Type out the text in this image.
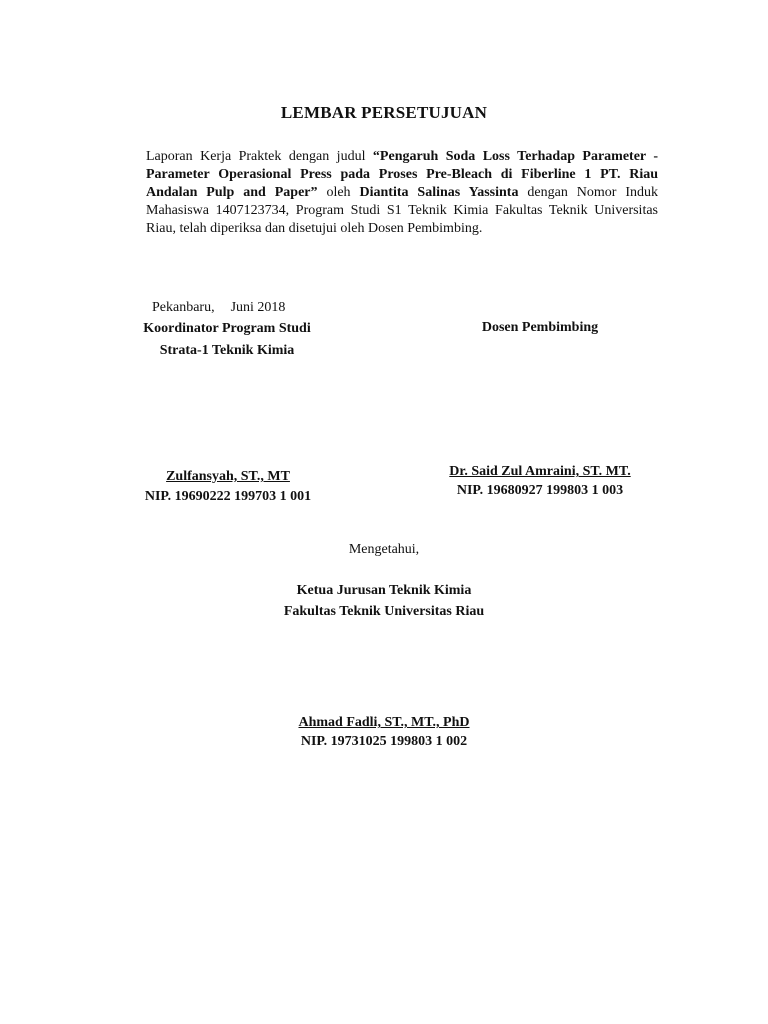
LEMBAR PERSETUJUAN
Laporan Kerja Praktek dengan judul “Pengaruh Soda Loss Terhadap Parameter - Parameter Operasional Press pada Proses Pre-Bleach di Fiberline 1 PT. Riau Andalan Pulp and Paper” oleh Diantita Salinas Yassinta dengan Nomor Induk Mahasiswa 1407123734, Program Studi S1 Teknik Kimia Fakultas Teknik Universitas Riau, telah diperiksa dan disetujui oleh Dosen Pembimbing.
Pekanbaru, Juni 2018
Koordinator Program Studi
Strata-1 Teknik Kimia
Dosen Pembimbing
Zulfansyah, ST., MT
NIP. 19690222 199703 1 001
Dr. Said Zul Amraini, ST. MT.
NIP. 19680927 199803 1 003
Mengetahui,
Ketua Jurusan Teknik Kimia
Fakultas Teknik Universitas Riau
Ahmad Fadli, ST., MT., PhD
NIP. 19731025 199803 1 002
